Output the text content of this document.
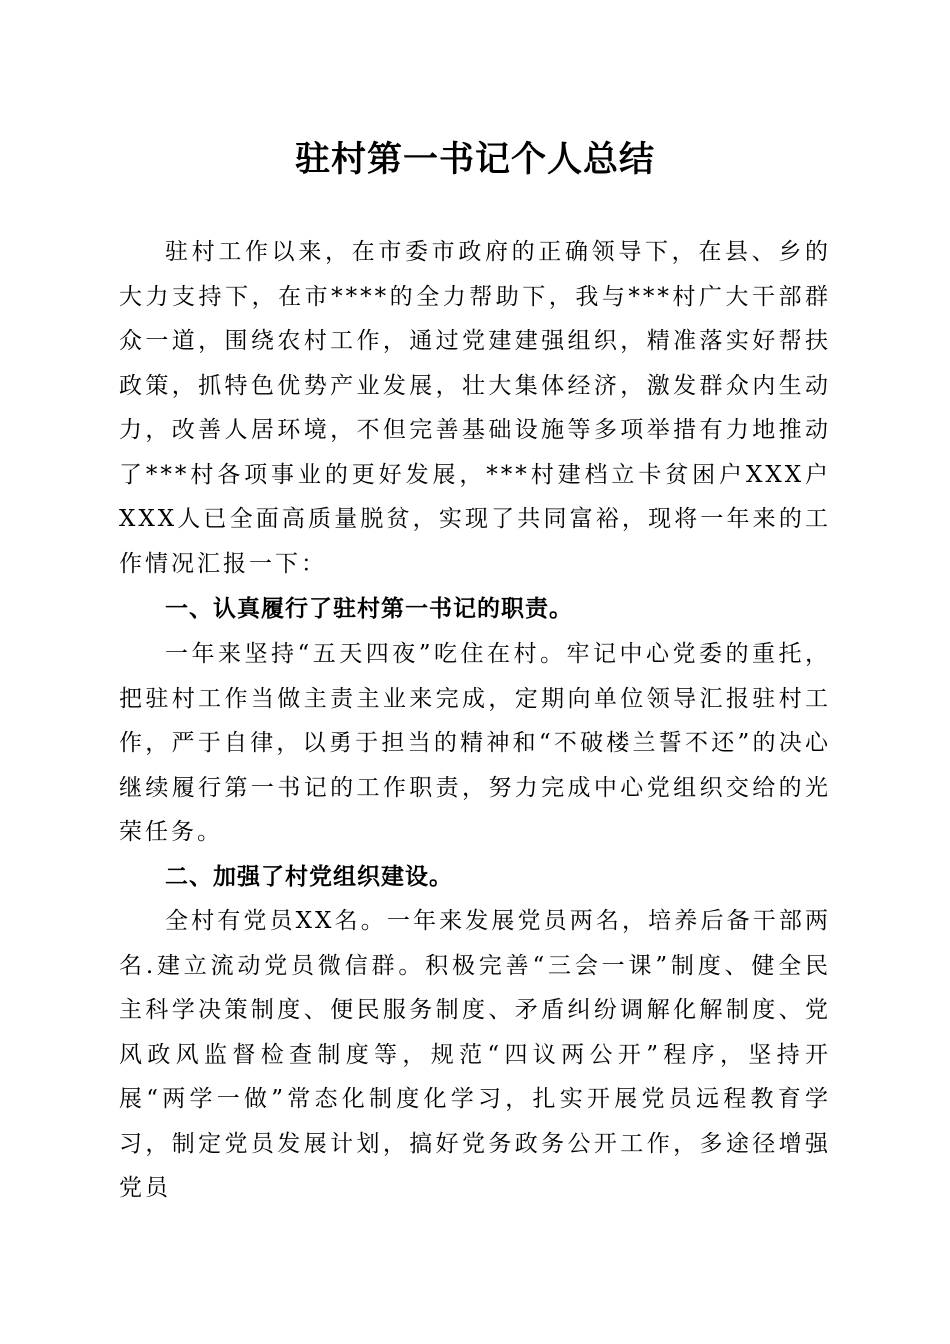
驻村第一书记个人总结

驻村工作以来，在市委市政府的正确领导下，在县、乡的大力支持下，在市****的全力帮助下，我与***村广大干部群众一道，围绕农村工作，通过党建建强组织，精准落实好帮扶政策，抓特色优势产业发展，壮大集体经济，激发群众内生动力，改善人居环境，不但完善基础设施等多项举措有力地推动了***村各项事业的更好发展，***村建档立卡贫困户XXX户XXX人已全面高质量脱贫，实现了共同富裕，现将一年来的工作情况汇报一下：

一、认真履行了驻村第一书记的职责。

一年来坚持“五天四夜”吃住在村。牢记中心党委的重托，把驻村工作当做主责主业来完成，定期向单位领导汇报驻村工作，严于自律，以勇于担当的精神和“不破楼兰誓不还”的决心继续履行第一书记的工作职责，努力完成中心党组织交给的光荣任务。

二、加强了村党组织建设。

全村有党员XX名。一年来发展党员两名，培养后备干部两名.建立流动党员微信群。积极完善“三会一课”制度、健全民主科学决策制度、便民服务制度、矛盾纠纷调解化解制度、党风政风监督检查制度等，规范“四议两公开”程序，坚持开展“两学一做”常态化制度化学习，扎实开展党员远程教育学习，制定党员发展计划，搞好党务政务公开工作，多途径增强党员
